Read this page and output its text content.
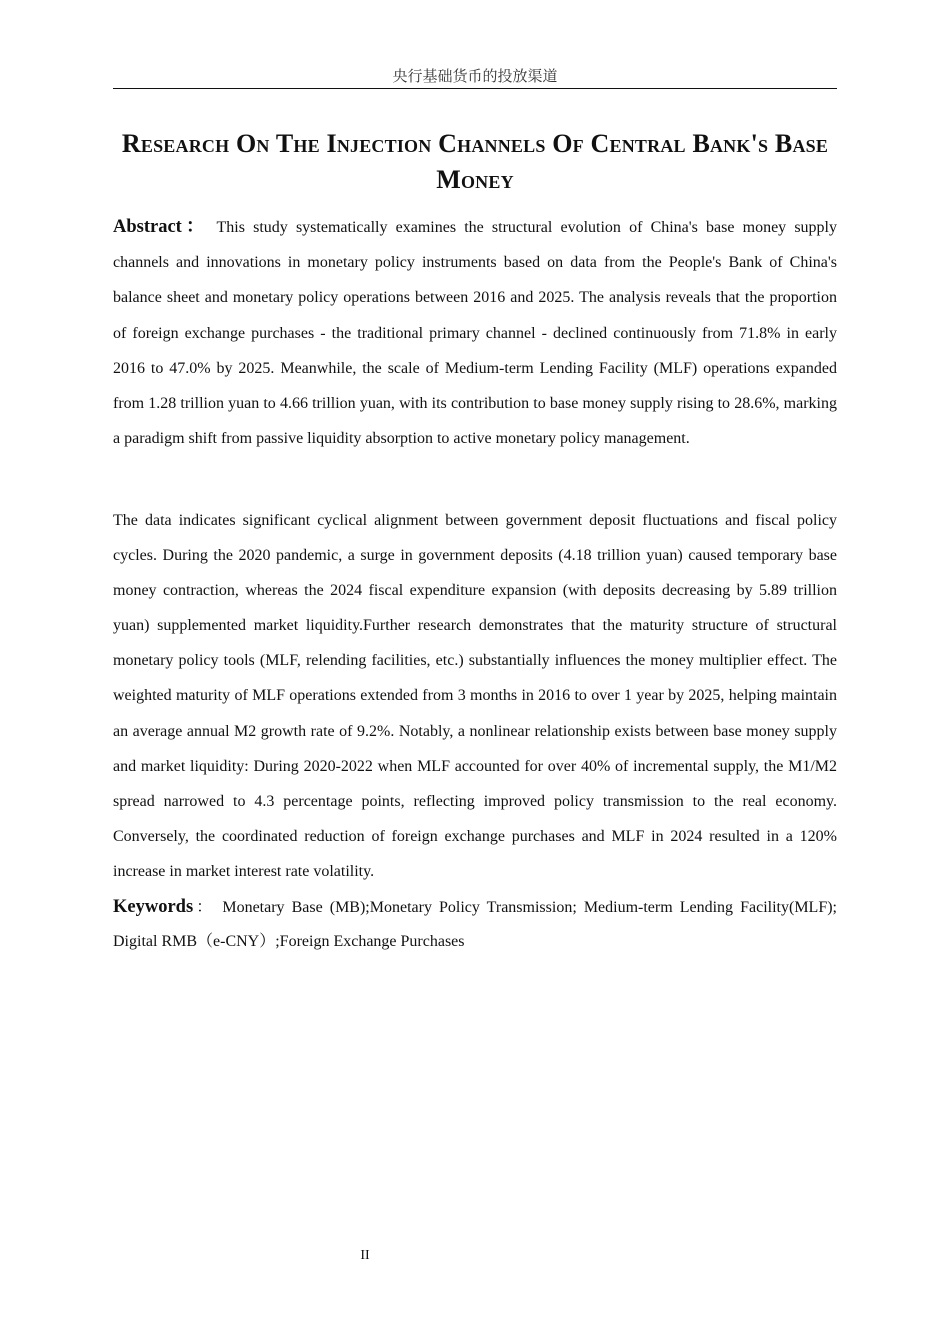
央行基础货币的投放渠道
Research On The Injection Channels Of Central Bank's Base Money

Abstract： This study systematically examines the structural evolution of China's base money supply channels and innovations in monetary policy instruments based on data from the People's Bank of China's balance sheet and monetary policy operations between 2016 and 2025. The analysis reveals that the proportion of foreign exchange purchases - the traditional primary channel - declined continuously from 71.8% in early 2016 to 47.0% by 2025. Meanwhile, the scale of Medium-term Lending Facility (MLF) operations expanded from 1.28 trillion yuan to 4.66 trillion yuan, with its contribution to base money supply rising to 28.6%, marking a paradigm shift from passive liquidity absorption to active monetary policy management.

The data indicates significant cyclical alignment between government deposit fluctuations and fiscal policy cycles. During the 2020 pandemic, a surge in government deposits (4.18 trillion yuan) caused temporary base money contraction, whereas the 2024 fiscal expenditure expansion (with deposits decreasing by 5.89 trillion yuan) supplemented market liquidity.Further research demonstrates that the maturity structure of structural monetary policy tools (MLF, relending facilities, etc.) substantially influences the money multiplier effect. The weighted maturity of MLF operations extended from 3 months in 2016 to over 1 year by 2025, helping maintain an average annual M2 growth rate of 9.2%. Notably, a nonlinear relationship exists between base money supply and market liquidity: During 2020-2022 when MLF accounted for over 40% of incremental supply, the M1/M2 spread narrowed to 4.3 percentage points, reflecting improved policy transmission to the real economy. Conversely, the coordinated reduction of foreign exchange purchases and MLF in 2024 resulted in a 120% increase in market interest rate volatility.

Keywords： Monetary Base (MB);Monetary Policy Transmission; Medium-term Lending Facility(MLF); Digital RMB（e-CNY）;Foreign Exchange Purchases

II
